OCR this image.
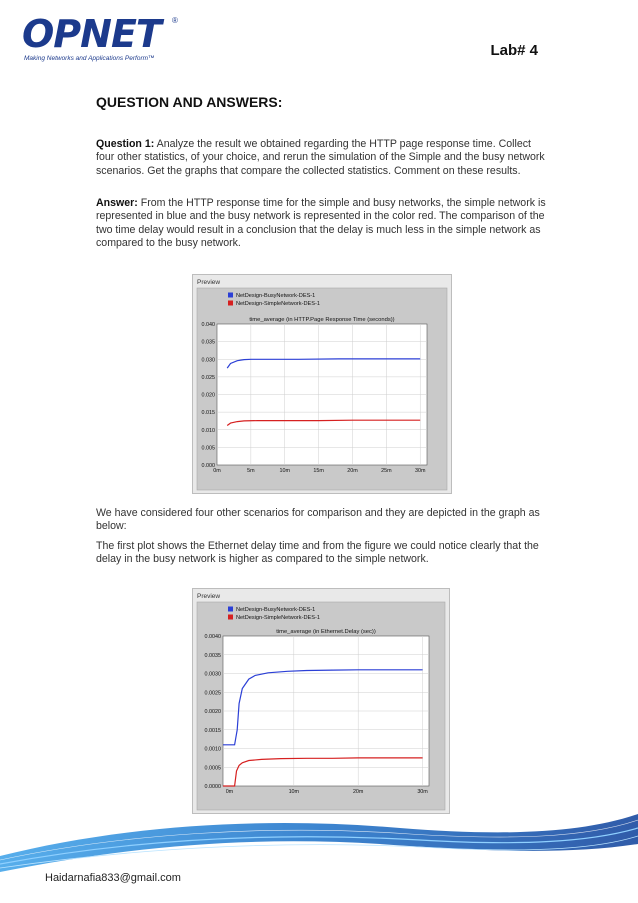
OPNET ®
Making Networks and Applications Perform™	Lab# 4
QUESTION AND ANSWERS:

Question 1: Analyze the result we obtained regarding the HTTP page response time. Collect four other statistics, of your choice, and rerun the simulation of the Simple and the busy network scenarios. Get the graphs that compare the collected statistics. Comment on these results.

Answer: From the HTTP response time for the simple and busy networks, the simple network is represented in blue and the busy network is represented in the color red. The comparison of the two time delay would result in a conclusion that the delay is much less in the simple network as compared to the busy network.

Preview
NetDesign-BusyNetwork-DES-1
NetDesign-SimpleNetwork-DES-1
time_average (in HTTP.Page Response Time (seconds))
0.000
0.005
0.010
0.015
0.020
0.025
0.030
0.035
0.040
0m	5m	10m	15m	20m	25m	30m

We have considered four other scenarios for comparison and they are depicted in the graph as below:

The first plot shows the Ethernet delay time and from the figure we could notice clearly that the delay in the busy network is higher as compared to the simple network.

Preview
NetDesign-BusyNetwork-DES-1
NetDesign-SimpleNetwork-DES-1
time_average (in Ethernet.Delay (sec))
0.0000
0.0005
0.0010
0.0015
0.0020
0.0025
0.0030
0.0035
0.0040
0m	10m	20m	30m
Haidarnafia833@gmail.com
